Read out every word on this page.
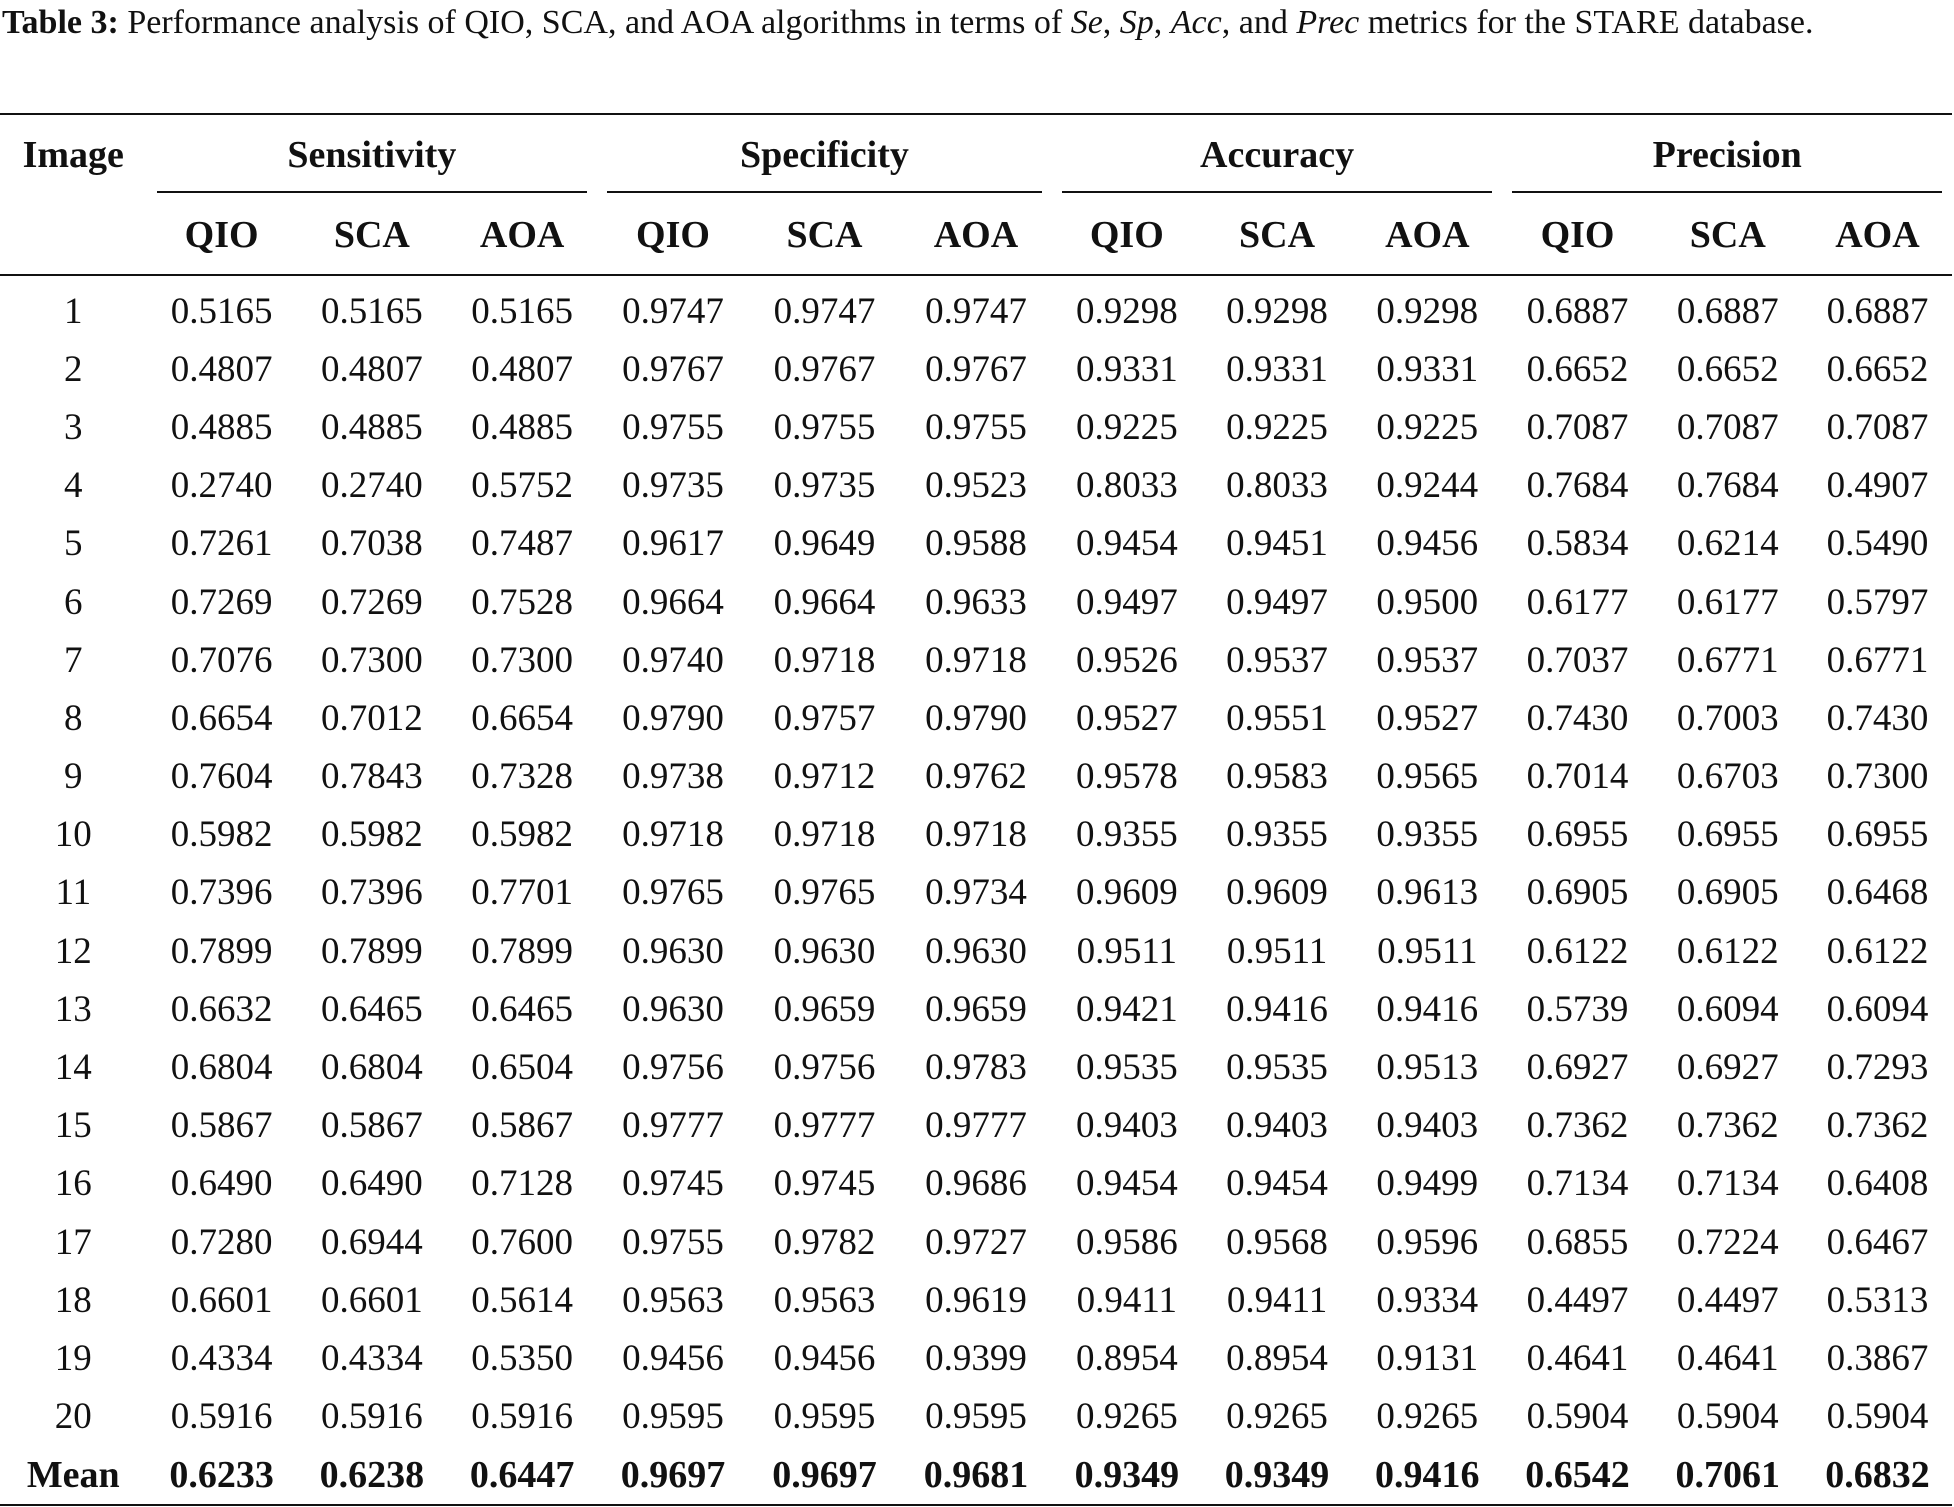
Table 3: Performance analysis of QIO, SCA, and AOA algorithms in terms of Se, Sp, Acc, and Prec metrics for the STARE database.
Image	Sensitivity			Specificity			Accuracy			Precision		

	QIO	SCA	AOA	QIO	SCA	AOA	QIO	SCA	AOA	QIO	SCA	AOA
1	0.5165	0.5165	0.5165	0.9747	0.9747	0.9747	0.9298	0.9298	0.9298	0.6887	0.6887	0.6887
2	0.4807	0.4807	0.4807	0.9767	0.9767	0.9767	0.9331	0.9331	0.9331	0.6652	0.6652	0.6652
3	0.4885	0.4885	0.4885	0.9755	0.9755	0.9755	0.9225	0.9225	0.9225	0.7087	0.7087	0.7087
4	0.2740	0.2740	0.5752	0.9735	0.9735	0.9523	0.8033	0.8033	0.9244	0.7684	0.7684	0.4907
5	0.7261	0.7038	0.7487	0.9617	0.9649	0.9588	0.9454	0.9451	0.9456	0.5834	0.6214	0.5490
6	0.7269	0.7269	0.7528	0.9664	0.9664	0.9633	0.9497	0.9497	0.9500	0.6177	0.6177	0.5797
7	0.7076	0.7300	0.7300	0.9740	0.9718	0.9718	0.9526	0.9537	0.9537	0.7037	0.6771	0.6771
8	0.6654	0.7012	0.6654	0.9790	0.9757	0.9790	0.9527	0.9551	0.9527	0.7430	0.7003	0.7430
9	0.7604	0.7843	0.7328	0.9738	0.9712	0.9762	0.9578	0.9583	0.9565	0.7014	0.6703	0.7300
10	0.5982	0.5982	0.5982	0.9718	0.9718	0.9718	0.9355	0.9355	0.9355	0.6955	0.6955	0.6955
11	0.7396	0.7396	0.7701	0.9765	0.9765	0.9734	0.9609	0.9609	0.9613	0.6905	0.6905	0.6468
12	0.7899	0.7899	0.7899	0.9630	0.9630	0.9630	0.9511	0.9511	0.9511	0.6122	0.6122	0.6122
13	0.6632	0.6465	0.6465	0.9630	0.9659	0.9659	0.9421	0.9416	0.9416	0.5739	0.6094	0.6094
14	0.6804	0.6804	0.6504	0.9756	0.9756	0.9783	0.9535	0.9535	0.9513	0.6927	0.6927	0.7293
15	0.5867	0.5867	0.5867	0.9777	0.9777	0.9777	0.9403	0.9403	0.9403	0.7362	0.7362	0.7362
16	0.6490	0.6490	0.7128	0.9745	0.9745	0.9686	0.9454	0.9454	0.9499	0.7134	0.7134	0.6408
17	0.7280	0.6944	0.7600	0.9755	0.9782	0.9727	0.9586	0.9568	0.9596	0.6855	0.7224	0.6467
18	0.6601	0.6601	0.5614	0.9563	0.9563	0.9619	0.9411	0.9411	0.9334	0.4497	0.4497	0.5313
19	0.4334	0.4334	0.5350	0.9456	0.9456	0.9399	0.8954	0.8954	0.9131	0.4641	0.4641	0.3867
20	0.5916	0.5916	0.5916	0.9595	0.9595	0.9595	0.9265	0.9265	0.9265	0.5904	0.5904	0.5904
Mean	0.6233	0.6238	0.6447	0.9697	0.9697	0.9681	0.9349	0.9349	0.9416	0.6542	0.7061	0.6832
